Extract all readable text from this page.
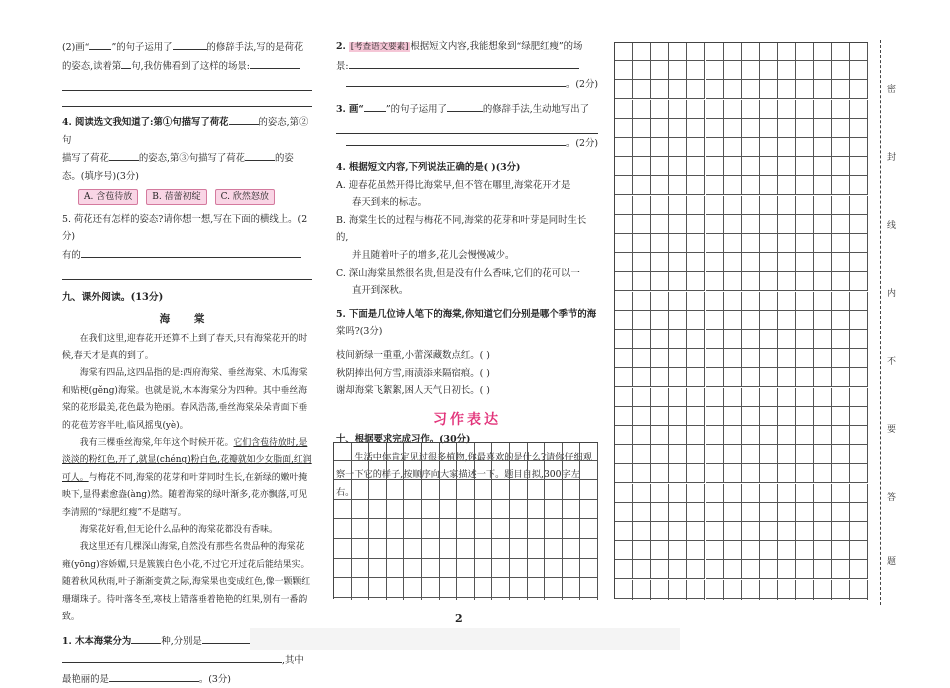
(2)画“ ”的句子运用了	的修辞手法,写的是荷花

的姿态,读着第 句,我仿佛看到了这样的场景:

4. 阅读选文我知道了:第①句描写了荷花	的姿态,第②句

描写了荷花	的姿态,第③句描写了荷花	的姿

态。(填序号)(3分)

A. 含苞待放	B. 蓓蕾初绽	C. 欣然怒放

5. 荷花还有怎样的姿态?请你想一想,写在下面的横线上。(2分)

有的

九、课外阅读。(13分)

海 棠

在我们这里,迎春花开还算不上到了春天,只有海棠花开的时候,春天才是真的到了。

海棠有四品,这四品指的是:西府海棠、垂丝海棠、木瓜海棠和贴梗(gěng)海棠。也就是说,木本海棠分为四种。其中垂丝海棠的花形最美,花色最为艳丽。春风浩荡,垂丝海棠朵朵青面下垂的花苞芳容半吐,临风摇曳(yè)。

我有三棵垂丝海棠,年年这个时候开花。它们含苞待放时,是淡淡的粉红色,开了,就显(chéng)粉白色,花瓣就如少女脂面,红润可人。与梅花不同,海棠的花芽和叶芽同时生长,在新绿的嫩叶掩映下,显得素愈盎(àng)然。随着海棠的绿叶渐多,花亦飘落,可见李清照的“绿肥红瘦”不是瞎写。

海棠花好看,但无论什么品种的海棠花都没有香味。

我这里还有几棵深山海棠,自然没有那些名贵品种的海棠花雍(yōng)容娇媚,只是簇簇白色小花,不过它开过花后能结果实。随着秋风秋雨,叶子渐渐变黄之际,海棠果也变成红色,像一颗颗红珊瑚珠子。待叶落冬至,寒枝上错落垂着艳艳的红果,别有一番韵致。

1. 木本海棠分为	种,分别是

,其中

最艳丽的是	。(3分)

2. [考查语文要素] 根据短文内容,我能想象到“绿肥红瘦”的场

景:

。(2分)

3. 画“ ”的句子运用了	的修辞手法,生动地写出了

。(2分)

4. 根据短文内容,下列说法正确的是( )(3分)

A. 迎春花虽然开得比海棠早,但不管在哪里,海棠花开才是

春天到来的标志。

B. 海棠生长的过程与梅花不同,海棠的花芽和叶芽是同时生长的,

并且随着叶子的增多,花儿会慢慢减少。

C. 深山海棠虽然很名贵,但是没有什么香味,它们的花可以一

直开到深秋。

5. 下面是几位诗人笔下的海棠,你知道它们分别是哪个季节的海

棠吗?(3分)

枝间新绿一重重,小蕾深藏数点红。( )

秋阴捧出何方雪,雨渍添来隔宿痕。( )

谢却海棠飞絮絮,困人天气日初长。( )

习作表达

十、根据要求完成习作。(30分)

生活中你肯定见过很多植物,你最喜欢的是什么?请你仔细观察一下它的样子,按顺序向大家描述一下。题目自拟,300字左右。

密
封
线
内
不
要
答
题
2
